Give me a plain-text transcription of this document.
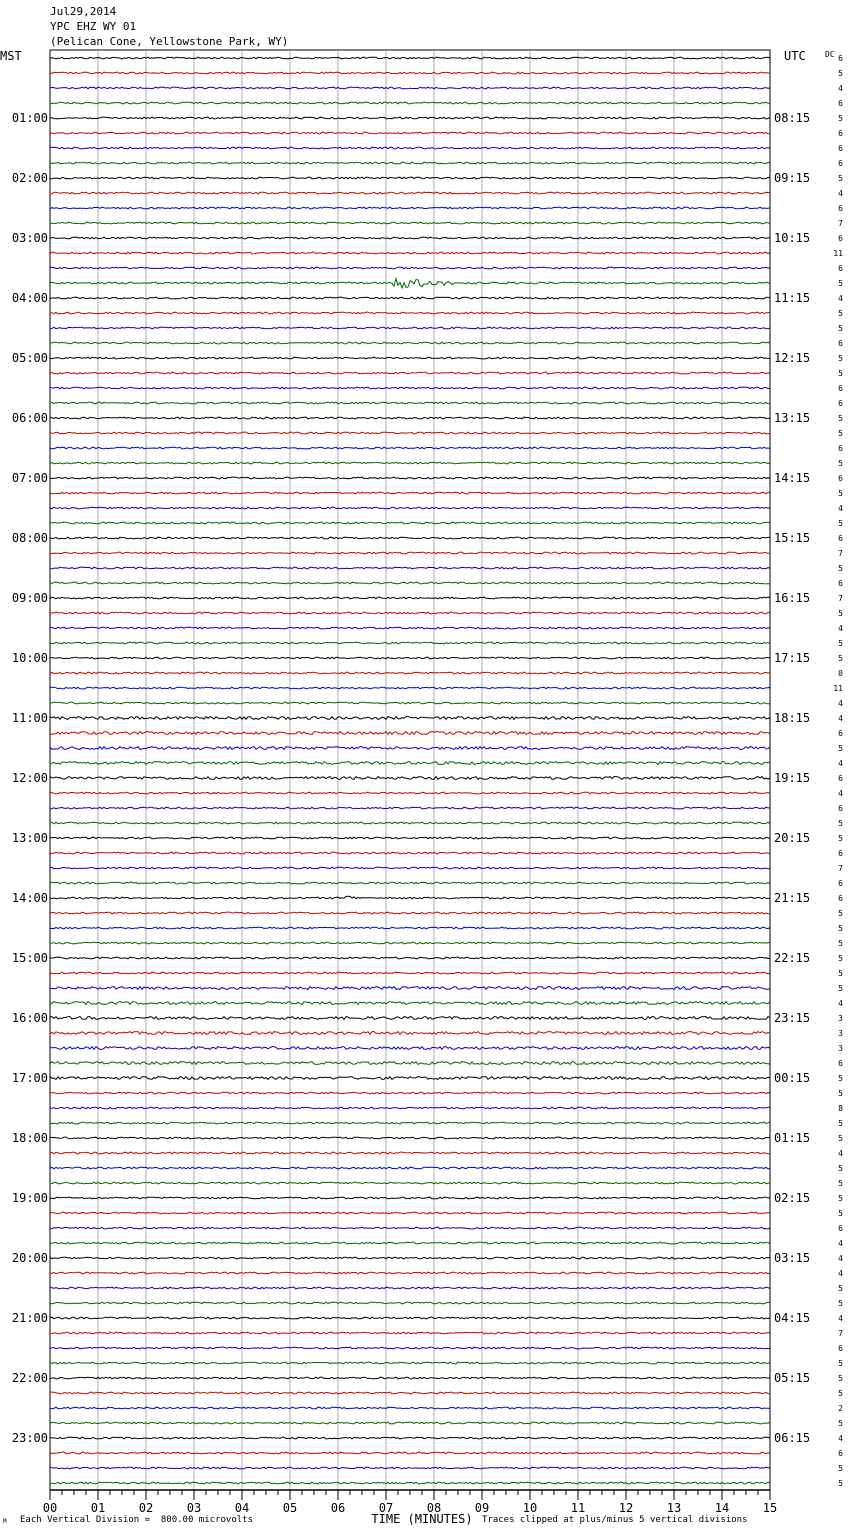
Jul29,2014
YPC EHZ WY 01
(Pelican Cone, Yellowstone Park, WY)
6
5
4
6
5
6
6
6
5
4
6
7
6
11
6
5
4
5
5
6
5
5
6
6
5
5
6
5
6
5
4
5
6
7
5
6
7
5
4
5
5
0
11
4
4
6
5
4
6
4
6
5
5
6
7
6
6
5
5
5
5
5
5
4
3
3
3
6
5
5
8
5
5
4
5
5
5
5
6
4
4
4
5
5
4
7
6
5
5
5
2
5
4
6
5
5
01:00
02:00
03:00
04:00
05:00
06:00
07:00
08:00
09:00
10:00
11:00
12:00
13:00
14:00
15:00
16:00
17:00
18:00
19:00
20:00
21:00
22:00
23:00
08:15
09:15
10:15
11:15
12:15
13:15
14:15
15:15
16:15
17:15
18:15
19:15
20:15
21:15
22:15
23:15
00:15
01:15
02:15
03:15
04:15
05:15
06:15
MST	UTC DC
00	01	02	03	04	05	06	07	08	09	10	11	12	13	14	15
TIME (MINUTES)
Each Vertical Division =  800.00 microvolts	Traces clipped at plus/minus 5 vertical divisions
M
